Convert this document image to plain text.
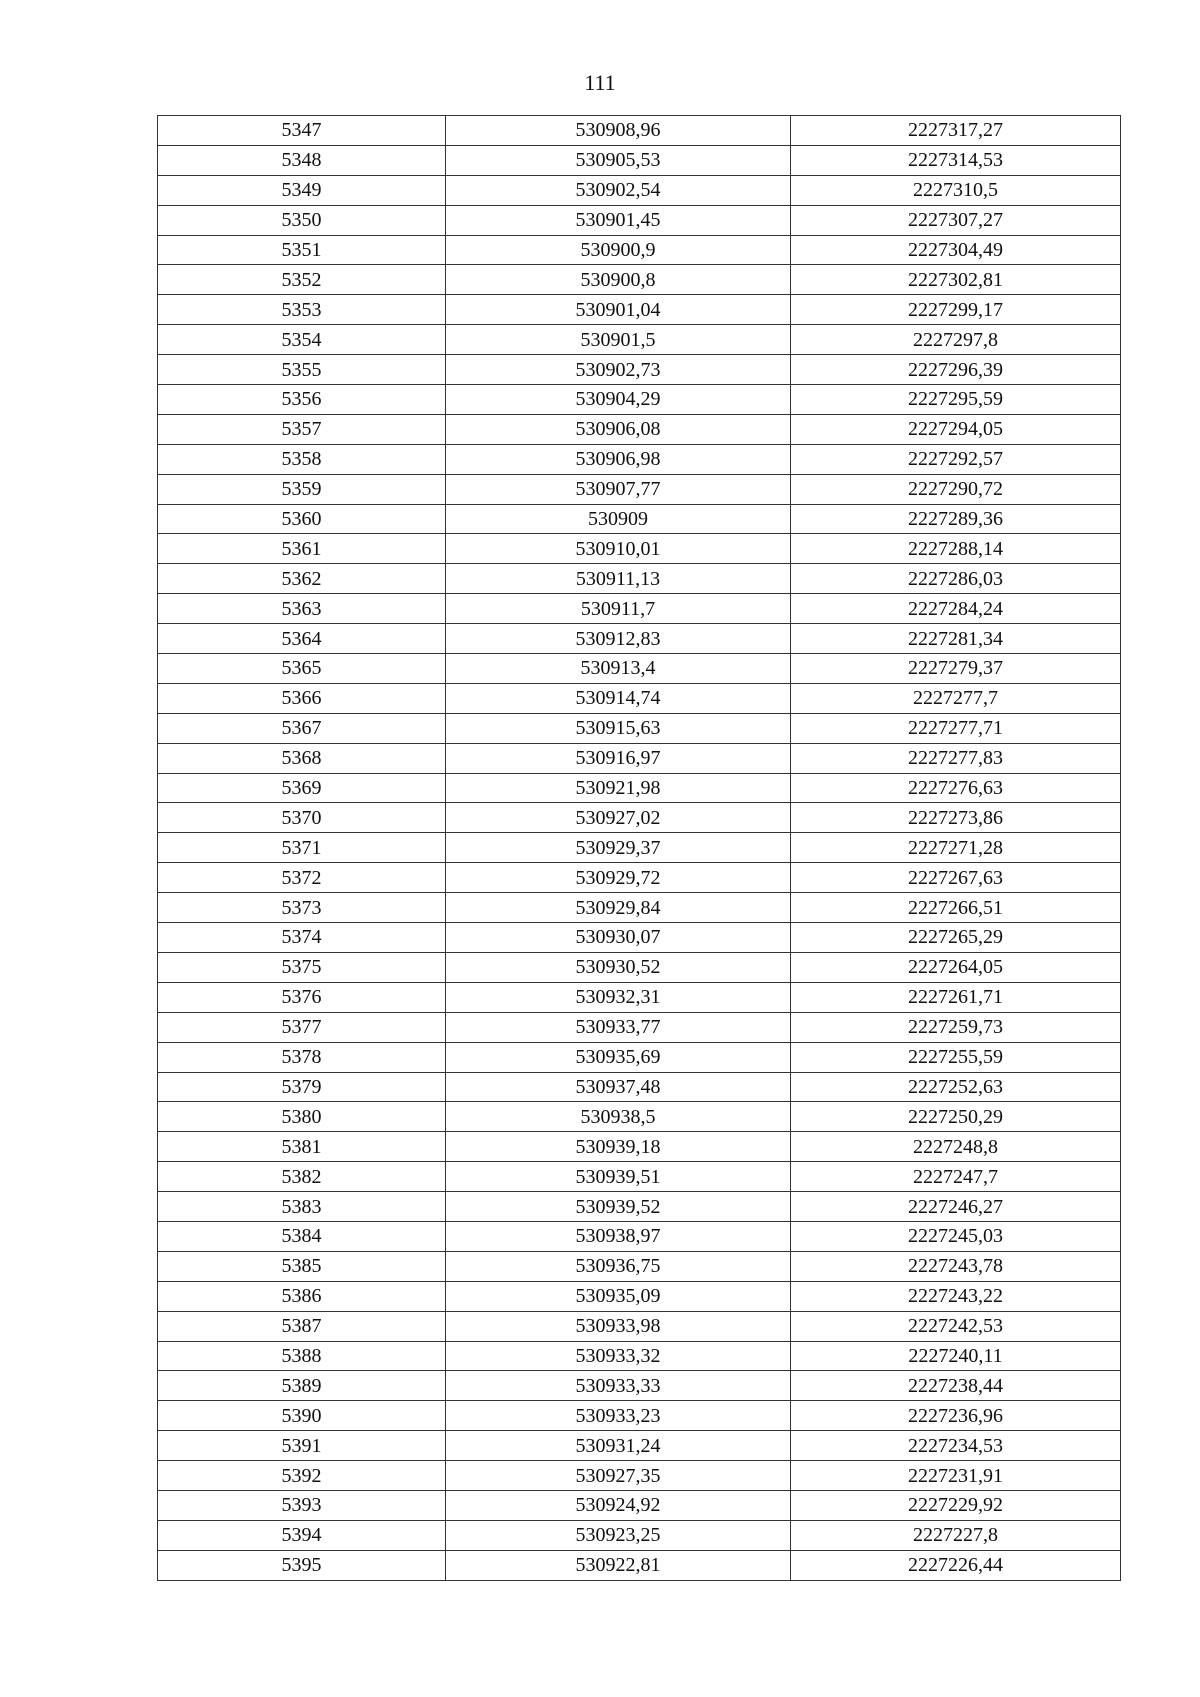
111
5347	530908,96	2227317,27
5348	530905,53	2227314,53
5349	530902,54	2227310,5
5350	530901,45	2227307,27
5351	530900,9	2227304,49
5352	530900,8	2227302,81
5353	530901,04	2227299,17
5354	530901,5	2227297,8
5355	530902,73	2227296,39
5356	530904,29	2227295,59
5357	530906,08	2227294,05
5358	530906,98	2227292,57
5359	530907,77	2227290,72
5360	530909	2227289,36
5361	530910,01	2227288,14
5362	530911,13	2227286,03
5363	530911,7	2227284,24
5364	530912,83	2227281,34
5365	530913,4	2227279,37
5366	530914,74	2227277,7
5367	530915,63	2227277,71
5368	530916,97	2227277,83
5369	530921,98	2227276,63
5370	530927,02	2227273,86
5371	530929,37	2227271,28
5372	530929,72	2227267,63
5373	530929,84	2227266,51
5374	530930,07	2227265,29
5375	530930,52	2227264,05
5376	530932,31	2227261,71
5377	530933,77	2227259,73
5378	530935,69	2227255,59
5379	530937,48	2227252,63
5380	530938,5	2227250,29
5381	530939,18	2227248,8
5382	530939,51	2227247,7
5383	530939,52	2227246,27
5384	530938,97	2227245,03
5385	530936,75	2227243,78
5386	530935,09	2227243,22
5387	530933,98	2227242,53
5388	530933,32	2227240,11
5389	530933,33	2227238,44
5390	530933,23	2227236,96
5391	530931,24	2227234,53
5392	530927,35	2227231,91
5393	530924,92	2227229,92
5394	530923,25	2227227,8
5395	530922,81	2227226,44
